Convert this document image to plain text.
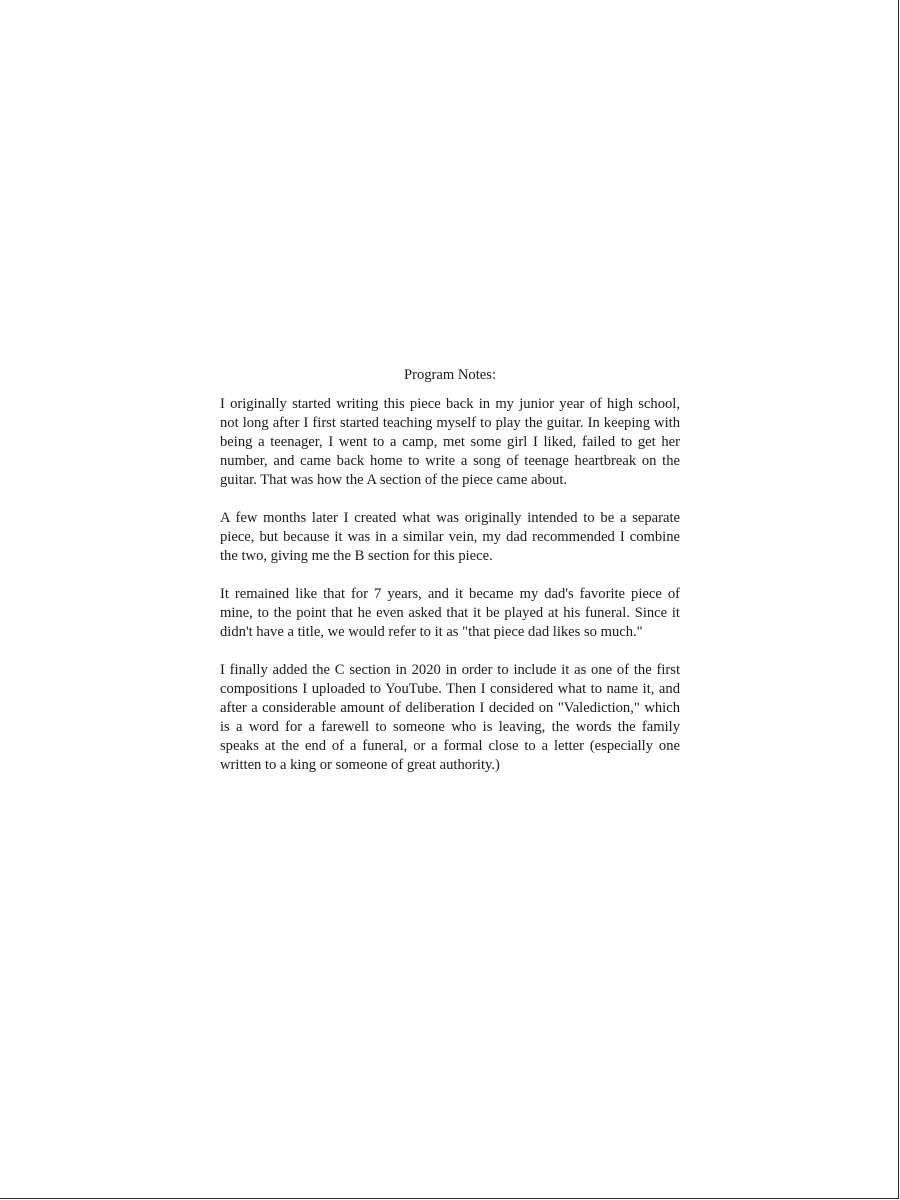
Program Notes:

I originally started writing this piece back in my junior year of high school, not long after I first started teaching myself to play the guitar. In keeping with being a teenager, I went to a camp, met some girl I liked, failed to get her number, and came back home to write a song of teenage heartbreak on the guitar. That was how the A section of the piece came about.

A few months later I created what was originally intended to be a separate piece, but because it was in a similar vein, my dad recommended I combine the two, giving me the B section for this piece.

It remained like that for 7 years, and it became my dad's favorite piece of mine, to the point that he even asked that it be played at his funeral. Since it didn't have a title, we would refer to it as "that piece dad likes so much."

I finally added the C section in 2020 in order to include it as one of the first compositions I uploaded to YouTube. Then I considered what to name it, and after a considerable amount of deliberation I decided on "Valediction," which is a word for a farewell to someone who is leaving, the words the family speaks at the end of a funeral, or a formal close to a letter (especially one written to a king or someone of great authority.)
